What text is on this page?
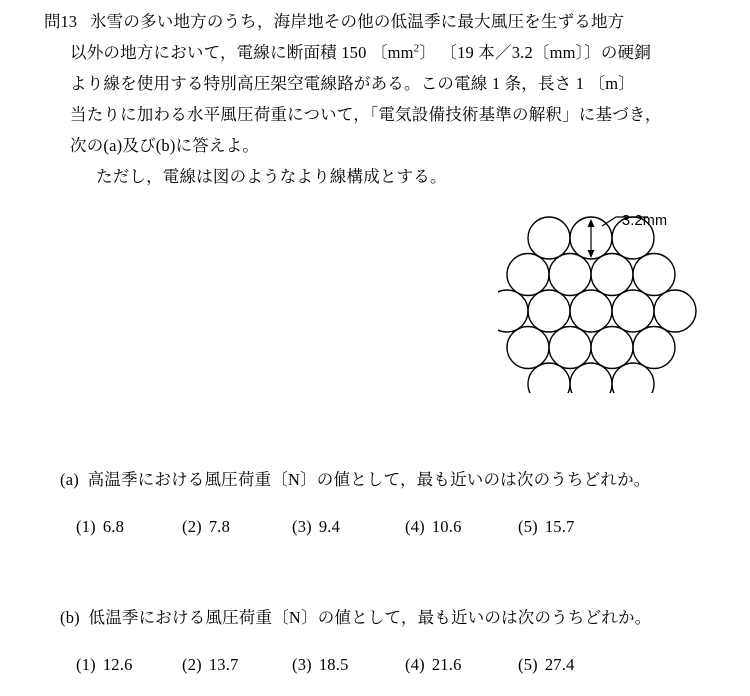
問13 氷雪の多い地方のうち，海岸地その他の低温季に最大風圧を生ずる地方
以外の地方において，電線に断面積 150 〔$mm^2$〕 〔19 本／3.2〔mm〕〕の硬銅
より線を使用する特別高圧架空電線路がある。この電線 1 条，長さ 1 〔m〕
当たりに加わる水平風圧荷重について，「電気設備技術基準の解釈」に基づき，
次の(a)及び(b)に答えよ。
ただし，電線は図のようなより線構成とする。
3.2mm
(a) 高温季における風圧荷重〔N〕の値として，最も近いのは次のうちどれか。
(1) 6.8	(2) 7.8	(3) 9.4	(4) 10.6	(5) 15.7
(b) 低温季における風圧荷重〔N〕の値として，最も近いのは次のうちどれか。
(1) 12.6	(2) 13.7	(3) 18.5	(4) 21.6	(5) 27.4
